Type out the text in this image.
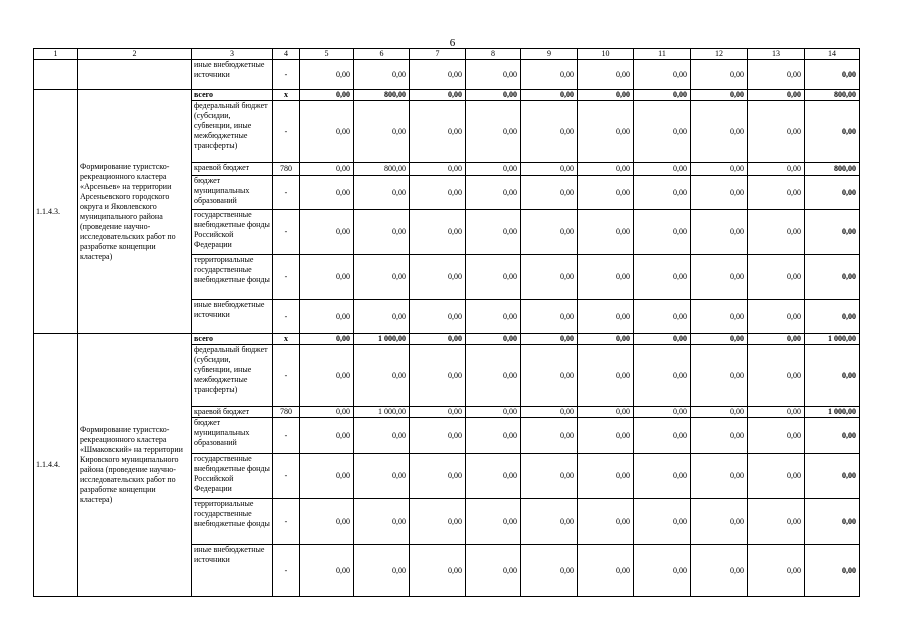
6
1	2	3	4	5	6	7	8	9	10	11	12	13	14
		иные внебюджетные источники	-	0,00	0,00	0,00	0,00	0,00	0,00	0,00	0,00	0,00	0,00
1.1.4.3.	Формирование туристско-рекреационного кластера «Арсеньев» на территории Арсеньевского городского округа и Яковлевского муниципального района (проведение научно-исследовательских работ по разработке концепции кластера)	всего	х	0,00	800,00	0,00	0,00	0,00	0,00	0,00	0,00	0,00	800,00
		федеральный бюджет (субсидии, субвенции, иные межбюджетные трансферты)	-	0,00	0,00	0,00	0,00	0,00	0,00	0,00	0,00	0,00	0,00
		краевой бюджет	780	0,00	800,00	0,00	0,00	0,00	0,00	0,00	0,00	0,00	800,00
		бюджет муниципальных образований	-	0,00	0,00	0,00	0,00	0,00	0,00	0,00	0,00	0,00	0,00
		государственные внебюджетные фонды Российской Федерации	-	0,00	0,00	0,00	0,00	0,00	0,00	0,00	0,00	0,00	0,00
		территориальные государственные внебюджетные фонды	-	0,00	0,00	0,00	0,00	0,00	0,00	0,00	0,00	0,00	0,00
		иные внебюджетные источники	-	0,00	0,00	0,00	0,00	0,00	0,00	0,00	0,00	0,00	0,00
1.1.4.4.	Формирование туристско-рекреационного кластера «Шмаковский» на территории Кировского муниципального района (проведение научно-исследовательских работ по разработке концепции кластера)	всего	х	0,00	1 000,00	0,00	0,00	0,00	0,00	0,00	0,00	0,00	1 000,00
		федеральный бюджет (субсидии, субвенции, иные межбюджетные трансферты)	-	0,00	0,00	0,00	0,00	0,00	0,00	0,00	0,00	0,00	0,00
		краевой бюджет	780	0,00	1 000,00	0,00	0,00	0,00	0,00	0,00	0,00	0,00	1 000,00
		бюджет муниципальных образований	-	0,00	0,00	0,00	0,00	0,00	0,00	0,00	0,00	0,00	0,00
		государственные внебюджетные фонды Российской Федерации	-	0,00	0,00	0,00	0,00	0,00	0,00	0,00	0,00	0,00	0,00
		территориальные государственные внебюджетные фонды	-	0,00	0,00	0,00	0,00	0,00	0,00	0,00	0,00	0,00	0,00
		иные внебюджетные источники	-	0,00	0,00	0,00	0,00	0,00	0,00	0,00	0,00	0,00	0,00
